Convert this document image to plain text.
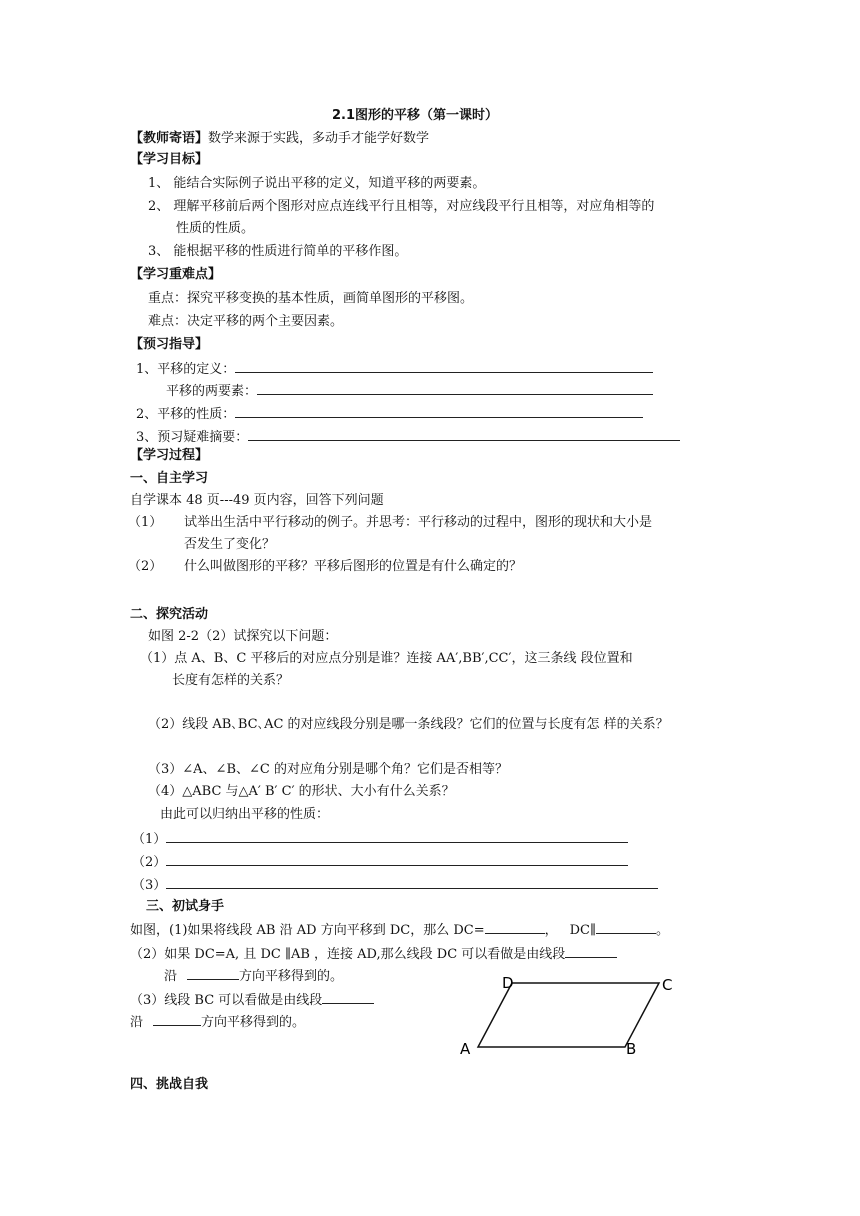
2.1图形的平移（第一课时）
【教师寄语】数学来源于实践，多动手才能学好数学
【学习目标】
1、 能结合实际例子说出平移的定义，知道平移的两要素。
2、 理解平移前后两个图形对应点连线平行且相等，对应线段平行且相等，对应角相等的
性质的性质。
3、 能根据平移的性质进行简单的平移作图。
【学习重难点】
重点：探究平移变换的基本性质，画简单图形的平移图。
难点：决定平移的两个主要因素。
【预习指导】
1、平移的定义：
平移的两要素：
2、平移的性质：
3、预习疑难摘要：
【学习过程】
一、自主学习
自学课本 48 页---49 页内容，回答下列问题
（1） 试举出生活中平行移动的例子。并思考：平行移动的过程中，图形的现状和大小是
否发生了变化？
（2） 什么叫做图形的平移？平移后图形的位置是有什么确定的？
二、探究活动
如图 2-2（2）试探究以下问题：
（1）点 A、B、C 平移后的对应点分别是谁？连接 AA′,BB′,CC′，这三条线 段位置和
长度有怎样的关系？
（2）线段 AB､BC､AC 的对应线段分别是哪一条线段？它们的位置与长度有怎 样的关系？
（3）∠A、∠B、∠C 的对应角分别是哪个角？它们是否相等？
（4）△ABC 与△A′ B′ C′ 的形状、大小有什么关系？
由此可以归纳出平移的性质：
（1）
（2）
（3）
三、初试身手
如图，(1)如果将线段 AB 沿 AD 方向平移到 DC，那么 DC=	， DC∥	。
（2）如果 DC=A, 且 DC ∥AB ，连接 AD,那么线段 DC 可以看做是由线段
沿	方向平移得到的。
（3）线段 BC 可以看做是由线段
沿	方向平移得到的。
D	C
A	B
四、挑战自我
